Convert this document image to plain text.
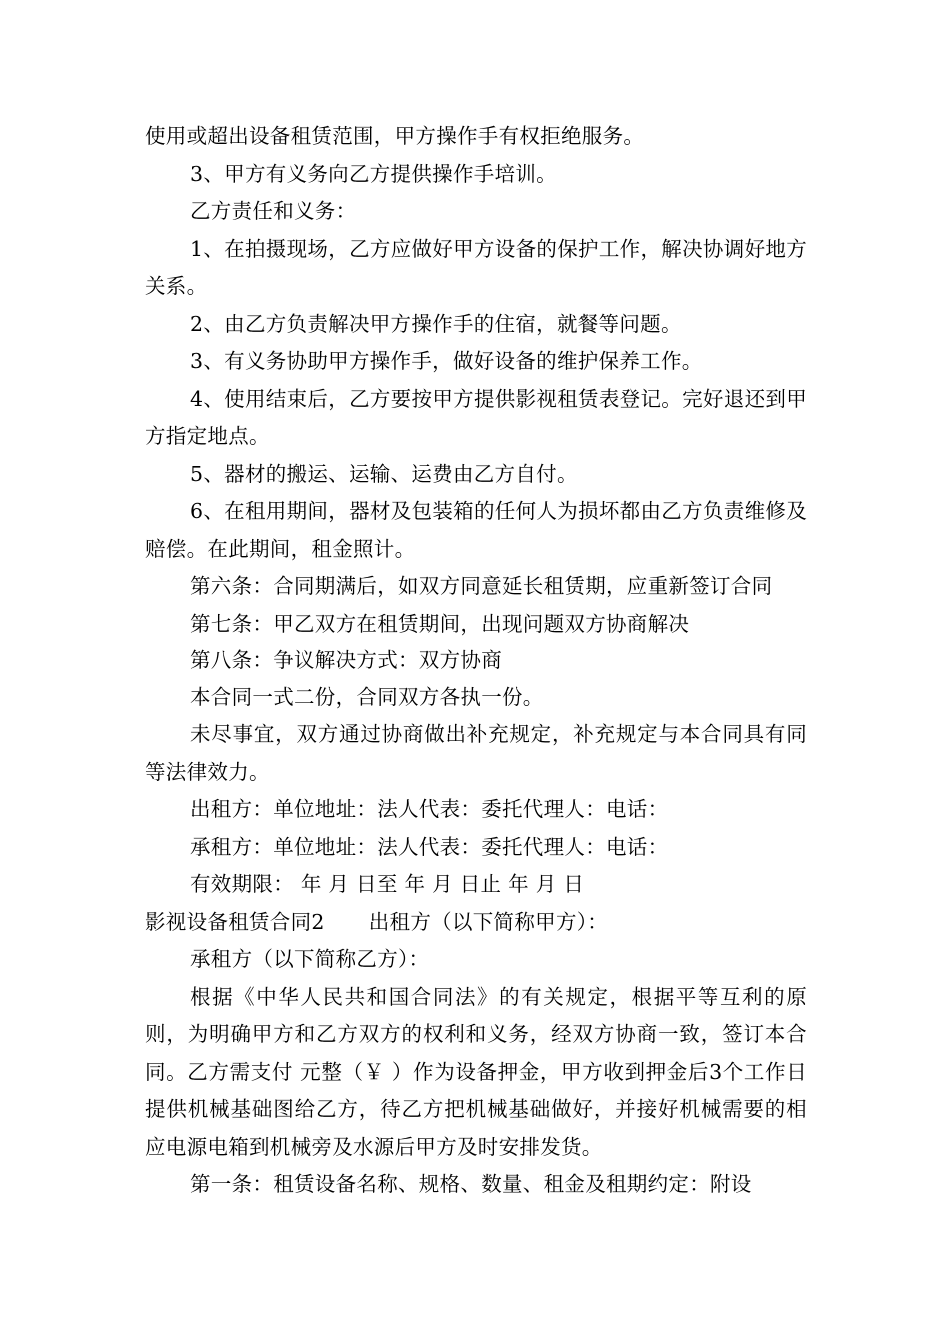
使用或超出设备租赁范围，甲方操作手有权拒绝服务。

3、甲方有义务向乙方提供操作手培训。

乙方责任和义务：

1、在拍摄现场，乙方应做好甲方设备的保护工作，解决协调好地方关系。

2、由乙方负责解决甲方操作手的住宿，就餐等问题。

3、有义务协助甲方操作手，做好设备的维护保养工作。

4、使用结束后，乙方要按甲方提供影视租赁表登记。完好退还到甲方指定地点。

5、器材的搬运、运输、运费由乙方自付。

6、在租用期间，器材及包装箱的任何人为损坏都由乙方负责维修及赔偿。在此期间，租金照计。

第六条：合同期满后，如双方同意延长租赁期，应重新签订合同

第七条：甲乙双方在租赁期间，出现问题双方协商解决

第八条：争议解决方式：双方协商

本合同一式二份，合同双方各执一份。

未尽事宜，双方通过协商做出补充规定，补充规定与本合同具有同等法律效力。

出租方：单位地址：法人代表：委托代理人：电话：

承租方：单位地址：法人代表：委托代理人：电话：

有效期限： 年 月 日至 年 月 日止 年 月 日

影视设备租赁合同2 出租方（以下简称甲方）：

承租方（以下简称乙方）：

根据《中华人民共和国合同法》的有关规定，根据平等互利的原则，为明确甲方和乙方双方的权利和义务，经双方协商一致，签订本合同。乙方需支付 元整（￥ ）作为设备押金，甲方收到押金后3个工作日提供机械基础图给乙方，待乙方把机械基础做好，并接好机械需要的相应电源电箱到机械旁及水源后甲方及时安排发货。

第一条：租赁设备名称、规格、数量、租金及租期约定：附设
